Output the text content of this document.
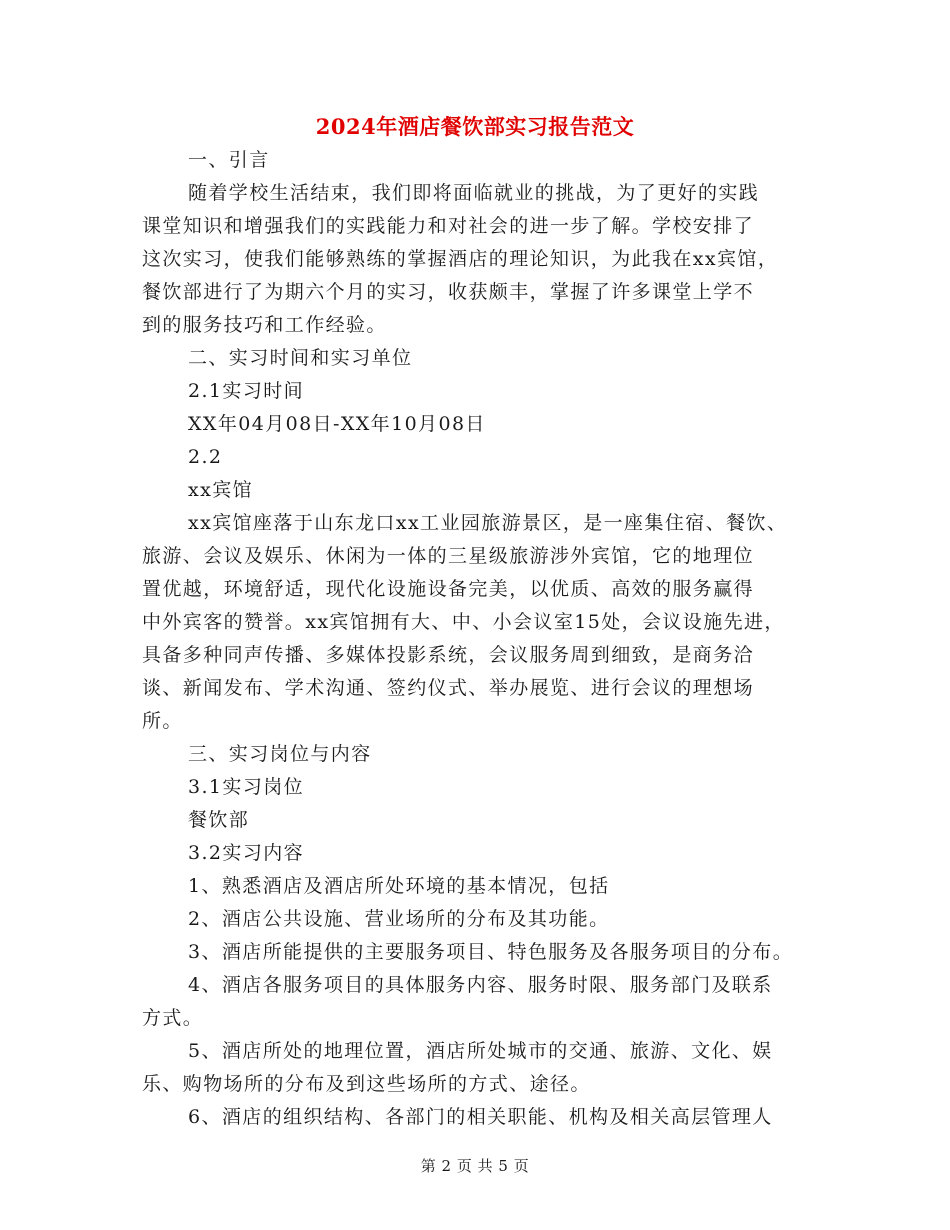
2024年酒店餐饮部实习报告范文
一、引言
随着学校生活结束，我们即将面临就业的挑战，为了更好的实践
课堂知识和增强我们的实践能力和对社会的进一步了解。学校安排了
这次实习，使我们能够熟练的掌握酒店的理论知识，为此我在xx宾馆，
餐饮部进行了为期六个月的实习，收获颇丰，掌握了许多课堂上学不
到的服务技巧和工作经验。
二、实习时间和实习单位
2.1实习时间
XX年04月08日-XX年10月08日
2.2
xx宾馆
xx宾馆座落于山东龙口xx工业园旅游景区，是一座集住宿、餐饮、
旅游、会议及娱乐、休闲为一体的三星级旅游涉外宾馆，它的地理位
置优越，环境舒适，现代化设施设备完美，以优质、高效的服务赢得
中外宾客的赞誉。xx宾馆拥有大、中、小会议室15处，会议设施先进，
具备多种同声传播、多媒体投影系统，会议服务周到细致，是商务洽
谈、新闻发布、学术沟通、签约仪式、举办展览、进行会议的理想场
所。
三、实习岗位与内容
3.1实习岗位
餐饮部
3.2实习内容
1、熟悉酒店及酒店所处环境的基本情况，包括
2、酒店公共设施、营业场所的分布及其功能。
3、酒店所能提供的主要服务项目、特色服务及各服务项目的分布。
4、酒店各服务项目的具体服务内容、服务时限、服务部门及联系
方式。
5、酒店所处的地理位置，酒店所处城市的交通、旅游、文化、娱
乐、购物场所的分布及到这些场所的方式、途径。
6、酒店的组织结构、各部门的相关职能、机构及相关高层管理人
第 2 页 共 5 页
